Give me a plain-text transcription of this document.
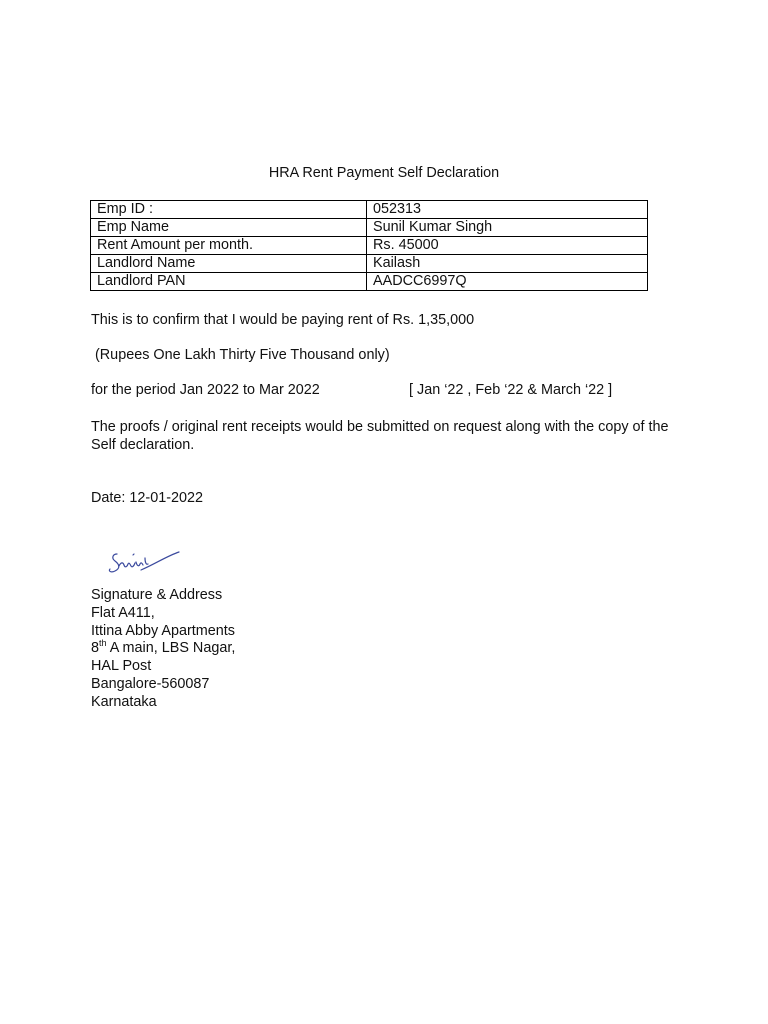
HRA Rent Payment Self Declaration
Emp ID :	052313
Emp Name	Sunil Kumar Singh
Rent Amount per month.	Rs. 45000
Landlord Name	Kailash
Landlord PAN	AADCC6997Q

This is to confirm that I would be paying rent of Rs. 1,35,000

(Rupees One Lakh Thirty Five Thousand only)

for the period Jan 2022 to Mar 2022	[ Jan ‘22 , Feb ‘22 & March ‘22 ]

The proofs / original rent receipts would be submitted on request along with the copy of the Self declaration.

Date: 12-01-2022

Signature & Address
Flat A411,
Ittina Abby Apartments
8th A main, LBS Nagar,
HAL Post
Bangalore-560087
Karnataka
